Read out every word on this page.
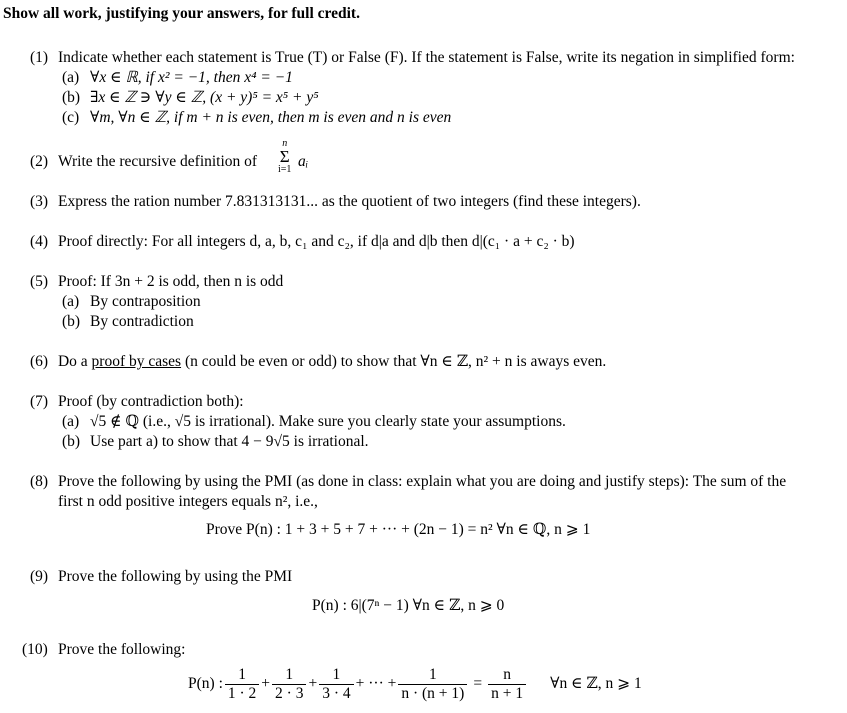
Show all work, justifying your answers, for full credit.
(1) Indicate whether each statement is True (T) or False (F). If the statement is False, write its negation in simplified form:
(a) ∀x ∈ ℝ, if x² = −1, then x⁴ = −1
(b) ∃x ∈ ℤ ∋ ∀y ∈ ℤ, (x + y)⁵ = x⁵ + y⁵
(c) ∀m, ∀n ∈ ℤ, if m + n is even, then m is even and n is even
(2) Write the recursive definition of
n
Σ
i=1 aᵢ
(3) Express the ration number 7.831313131... as the quotient of two integers (find these integers).
(4) Proof directly: For all integers d, a, b, c₁ and c₂, if d|a and d|b then d|(c₁ · a + c₂ · b)
(5) Proof: If 3n + 2 is odd, then n is odd
(a) By contraposition
(b) By contradiction
(6) Do a proof by cases (n could be even or odd) to show that ∀n ∈ ℤ, n² + n is aways even.
(7) Proof (by contradiction both):
(a) √5 ∉ ℚ (i.e., √5 is irrational). Make sure you clearly state your assumptions.
(b) Use part a) to show that 4 − 9√5 is irrational.
(8) Prove the following by using the PMI (as done in class: explain what you are doing and justify steps): The sum of the
first n odd positive integers equals n², i.e.,
Prove P(n) : 1 + 3 + 5 + 7 + ··· + (2n − 1) = n² ∀n ∈ ℚ, n ⩾ 1
(9) Prove the following by using the PMI
P(n) : 6|(7ⁿ − 1) ∀n ∈ ℤ, n ⩾ 0
(10) Prove the following:
P(n) : $\frac{1}{1 \cdot 2} + \frac{1}{2 \cdot 3} + \frac{1}{3 \cdot 4}$ + ··· + $\frac{1}{n \cdot (n + 1)} = \frac{n}{n + 1}$ ∀n ∈ ℤ, n ⩾ 1
